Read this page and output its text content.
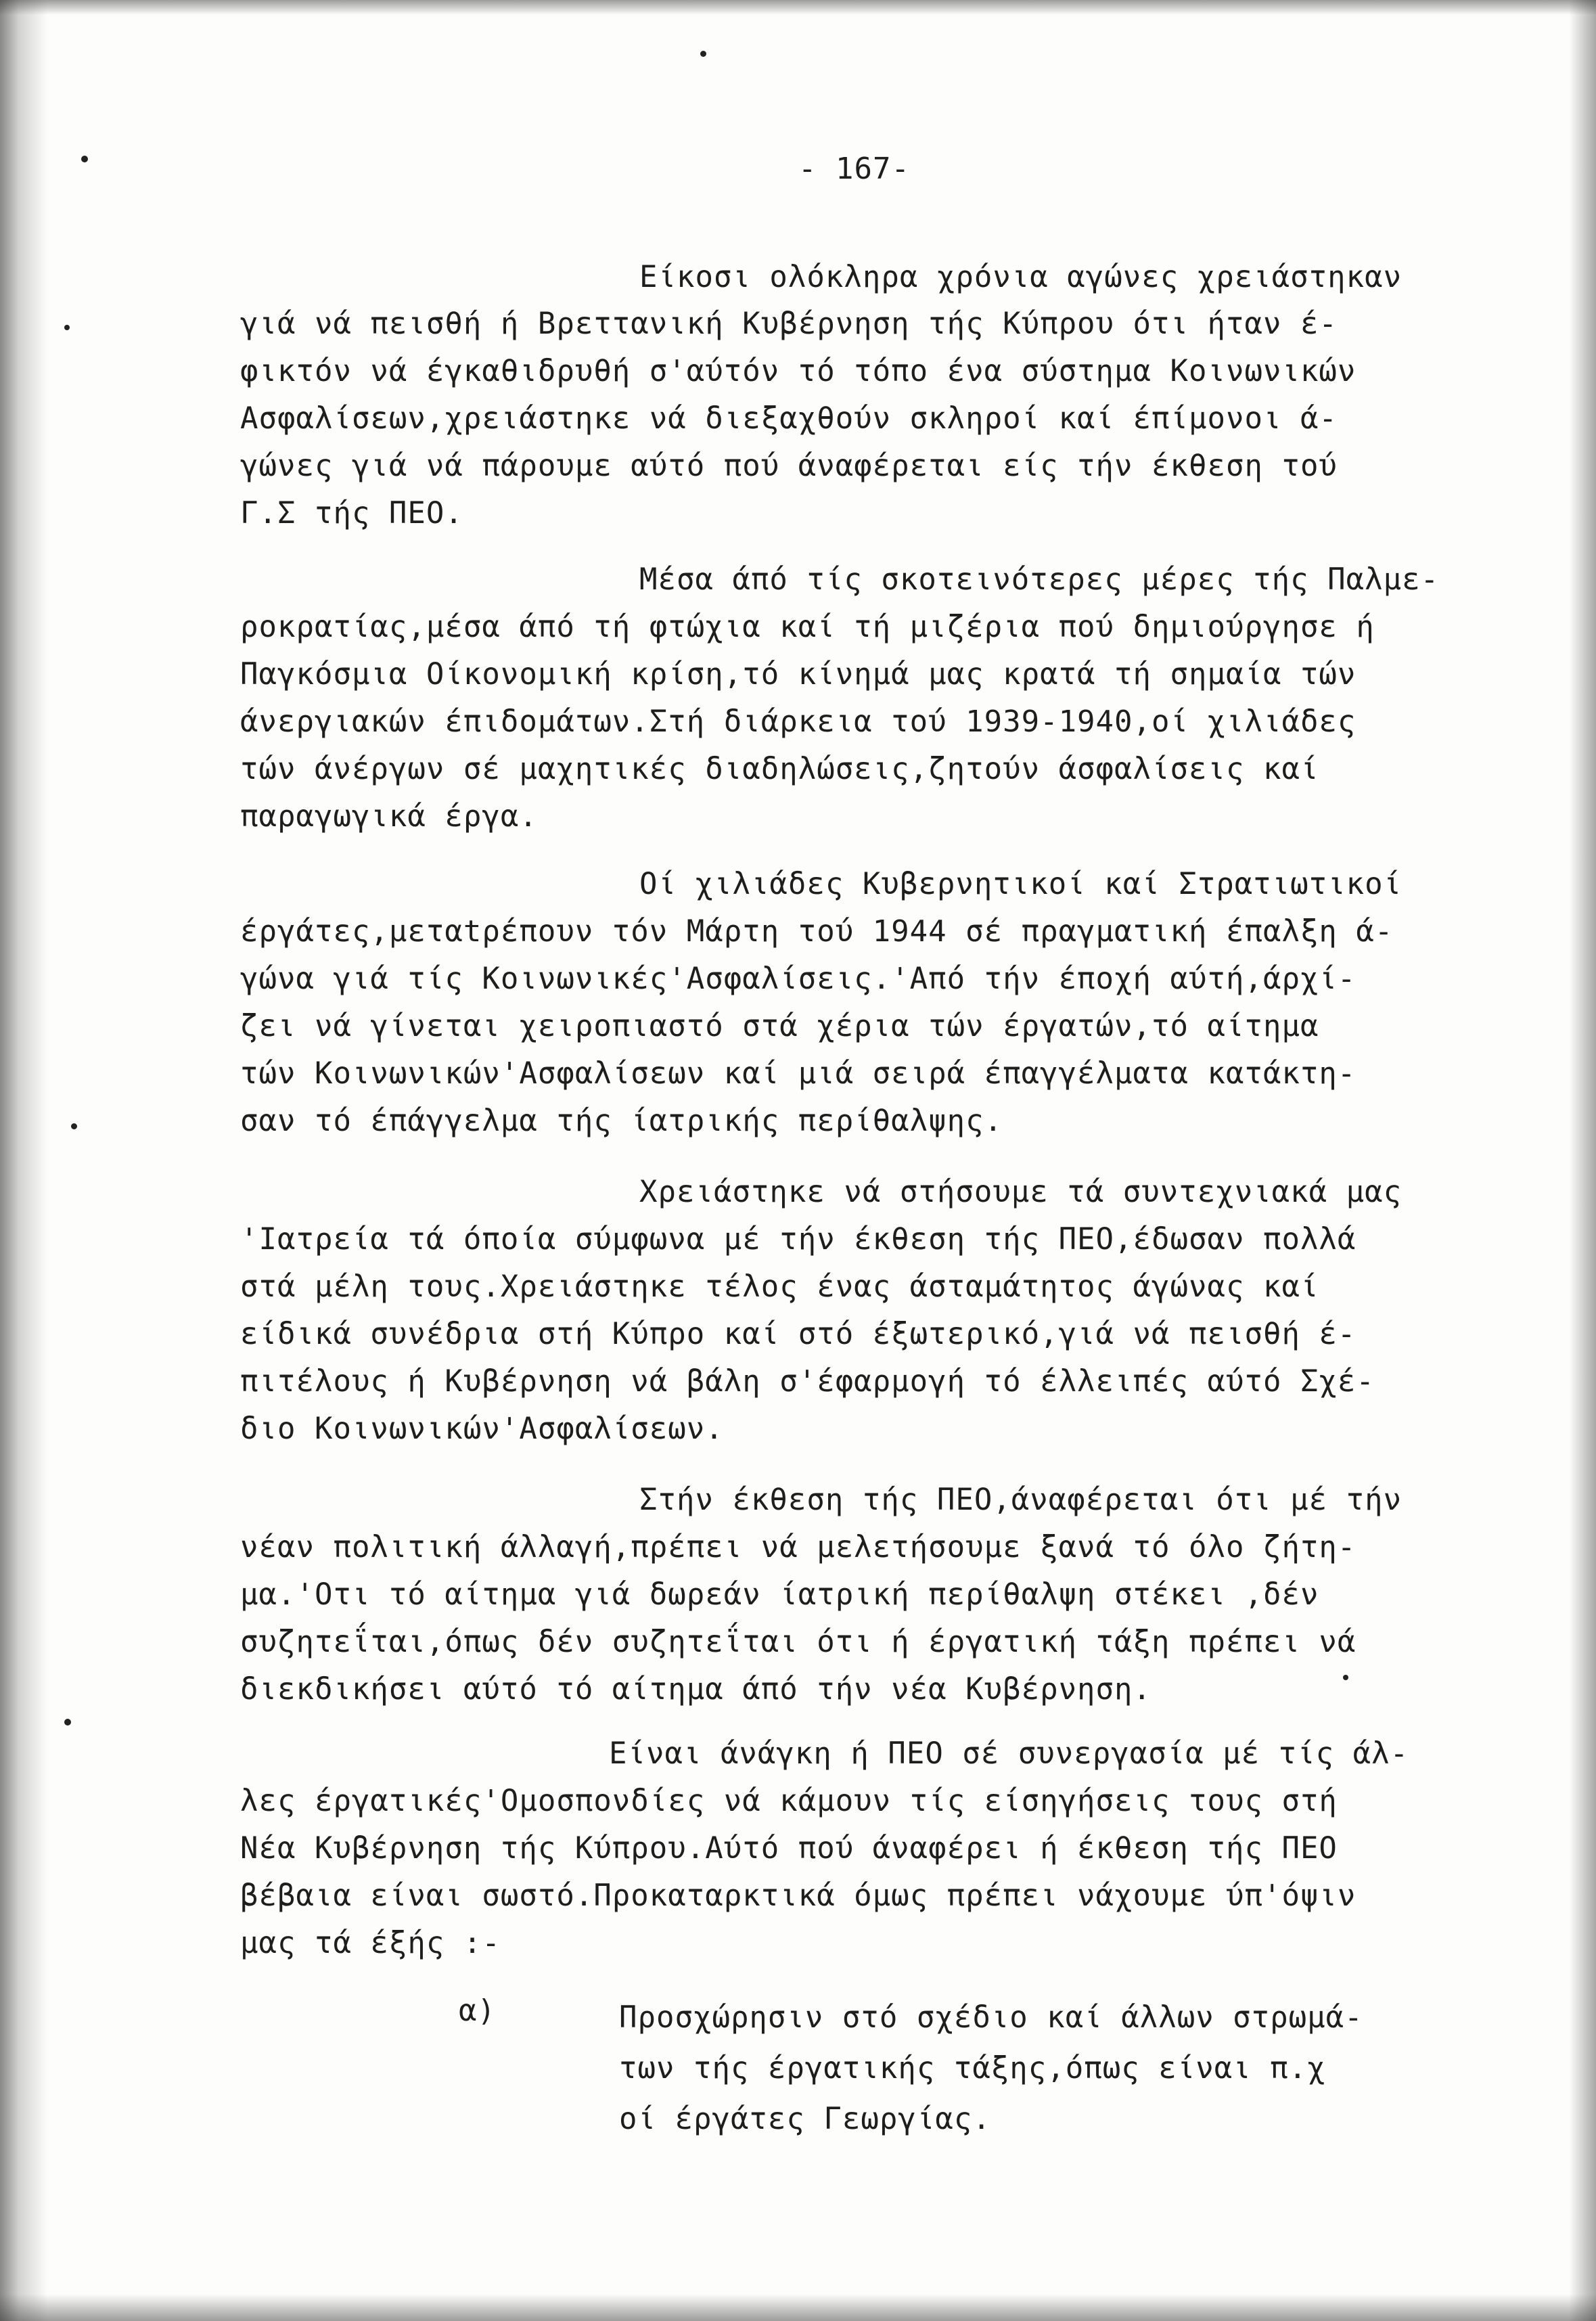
- 167-

Είκοσι ολόκληρα χρόνια αγώνες χρειάστηκαν

γιά νά πεισθή ή Βρεττανική Κυβέρνηση τής Κύπρου ότι ήταν έ-

φικτόν νά έγκαθιδρυθή σ'αύτόν τό τόπο ένα σύστημα Κοινωνικών

Ασφαλίσεων,χρειάστηκε νά διεξαχθούν σκληροί καί έπίμονοι ά-

γώνες γιά νά πάρουμε αύτό πού άναφέρεται είς τήν έκθεση τού

Γ.Σ τής ΠΕΟ.

Μέσα άπό τίς σκοτεινότερες μέρες τής Παλμε-

ροκρατίας,μέσα άπό τή φτώχια καί τή μιζέρια πού δημιούργησε ή

Παγκόσμια Οίκονομική κρίση,τό κίνημά μας κρατά τή σημαία τών

άνεργιακών έπιδομάτων.Στή διάρκεια τού 1939-1940,οί χιλιάδες

τών άνέργων σέ μαχητικές διαδηλώσεις,ζητούν άσφαλίσεις καί

παραγωγικά έργα.

Οί χιλιάδες Κυβερνητικοί καί Στρατιωτικοί

έργάτες,μεταtρέπουν τόν Μάρτη τού 1944 σέ πραγματική έπαλξη ά-

γώνα γιά τίς Κοινωνικές'Ασφαλίσεις.'Από τήν έποχή αύτή,άρχί-

ζει νά γίνεται χειροπιαστό στά χέρια τών έργατών,τό αίτημα

τών Κοινωνικών'Ασφαλίσεων καί μιά σειρά έπαγγέλματα κατάκτη-

σαν τό έπάγγελμα τής ίατρικής περίθαλψης.

Χρειάστηκε νά στήσουμε τά συντεχνιακά μας

'Ιατρεία τά όποία σύμφωνα μέ τήν έκθεση τής ΠΕΟ,έδωσαν πολλά

στά μέλη τους.Χρειάστηκε τέλος ένας άσταμάτητος άγώνας καί

είδικά συνέδρια στή Κύπρο καί στό έξωτερικό,γιά νά πεισθή έ-

πιτέλους ή Κυβέρνηση νά βάλη σ'έφαρμογή τό έλλειπές αύτό Σχέ-

διο Κοινωνικών'Ασφαλίσεων.

Στήν έκθεση τής ΠΕΟ,άναφέρεται ότι μέ τήν

νέαν πολιτική άλλαγή,πρέπει νά μελετήσουμε ξανά τό όλο ζήτη-

μα.'Οτι τό αίτημα γιά δωρεάν ίατρική περίθαλψη στέκει ,δέν

συζητεΐται,όπως δέν συζητεΐται ότι ή έργατική τάξη πρέπει νά

διεκδικήσει αύτό τό αίτημα άπό τήν νέα Κυβέρνηση.

Είναι άνάγκη ή ΠΕΟ σέ συνεργασία μέ τίς άλ-

λες έργατικές'Ομοσπονδίες νά κάμουν τίς είσηγήσεις τους στή

Νέα Κυβέρνηση τής Κύπρου.Αύτό πού άναφέρει ή έκθεση τής ΠΕΟ

βέβαια είναι σωστό.Προκαταρκτικά όμως πρέπει νάχουμε ύπ'όψιν

μας τά έξής :-

α)	Προσχώρησιν στό σχέδιο καί άλλων στρωμά-

των τής έργατικής τάξης,όπως είναι π.χ

οί έργάτες Γεωργίας.
